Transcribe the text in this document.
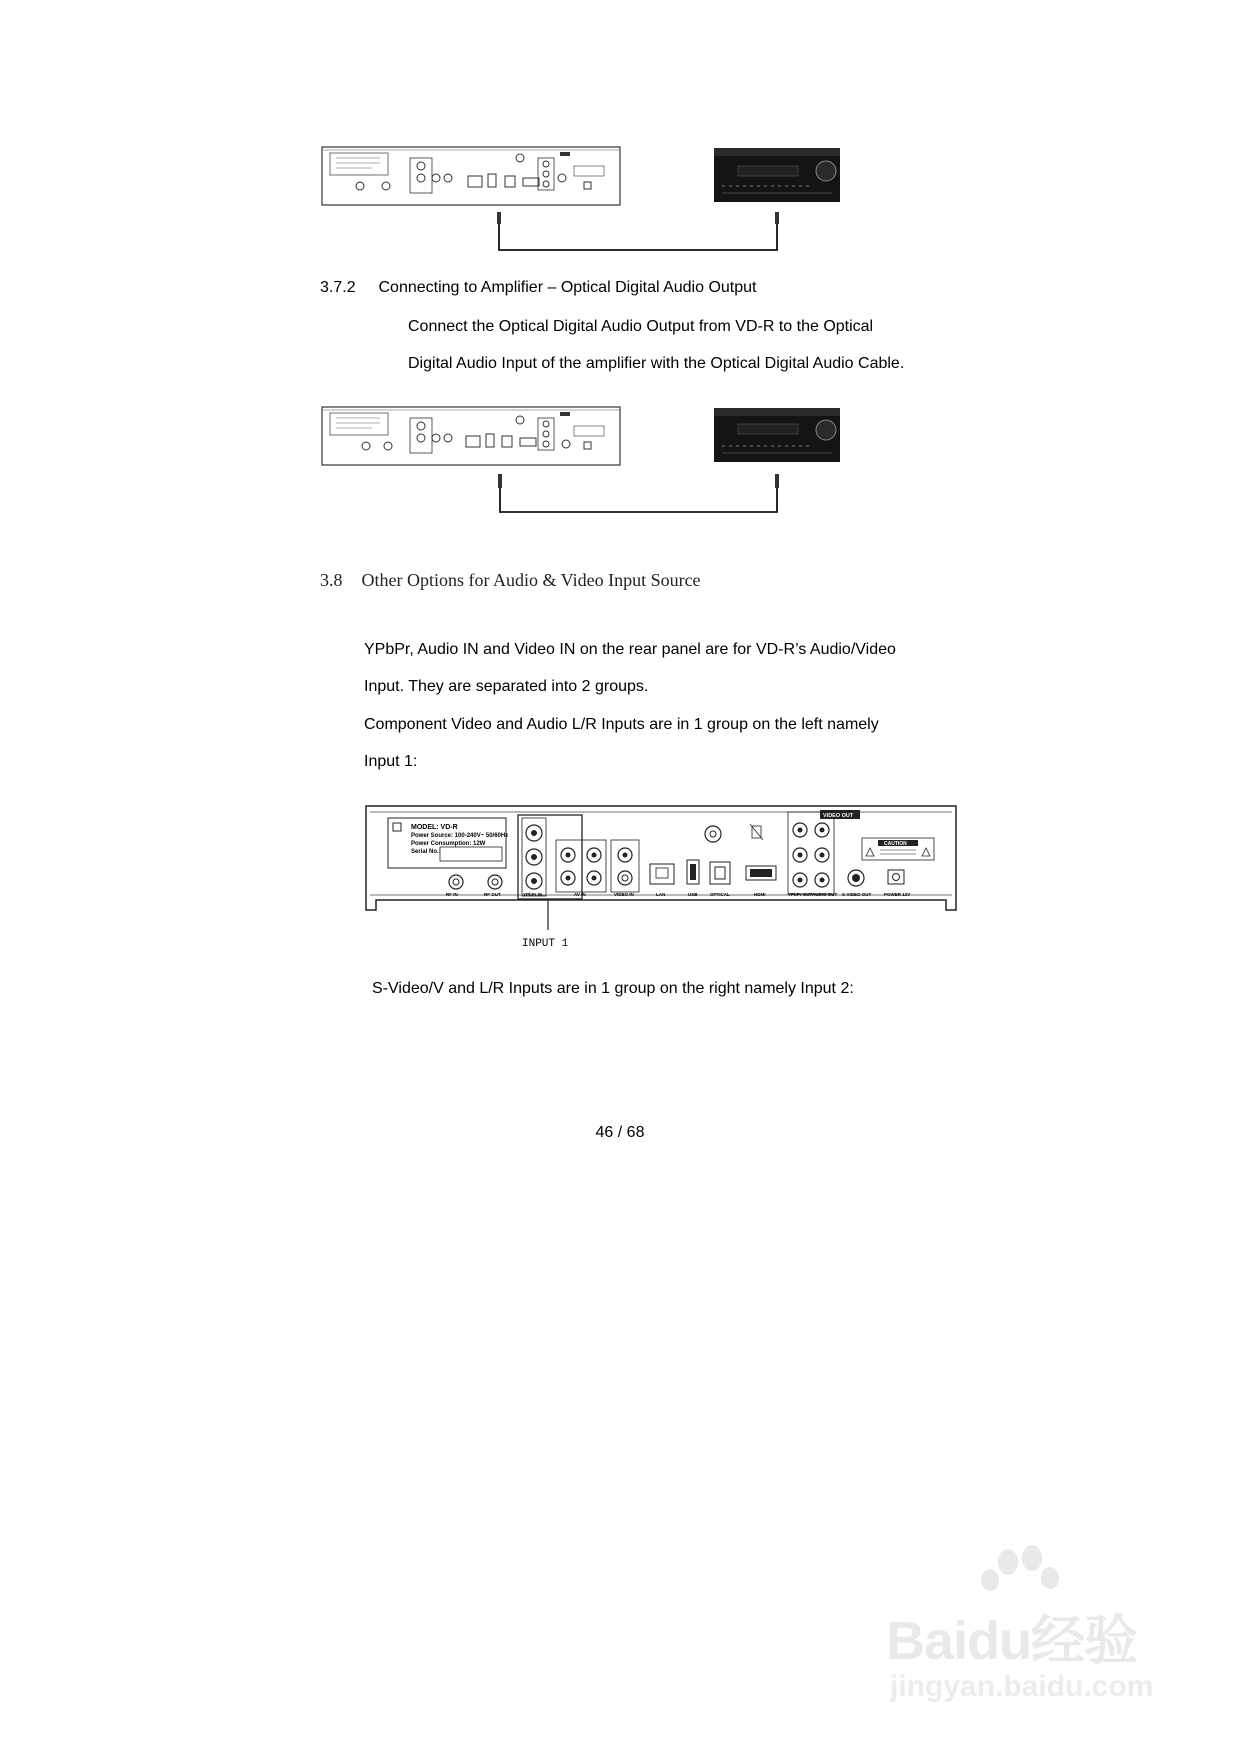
3.7.2 Connecting to Amplifier – Optical Digital Audio Output
Connect the Optical Digital Audio Output from VD-R to the Optical
Digital Audio Input of the amplifier with the Optical Digital Audio Cable.
3.8 Other Options for Audio & Video Input Source
YPbPr, Audio IN and Video IN on the rear panel are for VD-R’s Audio/Video
Input. They are separated into 2 groups.
Component Video and Audio L/R Inputs are in 1 group on the left namely
Input 1:
MODEL: VD-R
Power Source: 100-240V~ 50/60Hz
Power Consumption: 12W
Serial No.:
VIDEO OUT
CAUTION
RF IN	RF OUT	YPbPr IN	AV IN	VIDEO IN	LAN	USB	OPTICAL	HDMI	YPbPr OUT AUDIO OUT S-VIDEO OUT	POWER 12V
INPUT 1
S-Video/V and L/R Inputs are in 1 group on the right namely Input 2:
46 / 68
Baidu经验
jingyan.baidu.com
